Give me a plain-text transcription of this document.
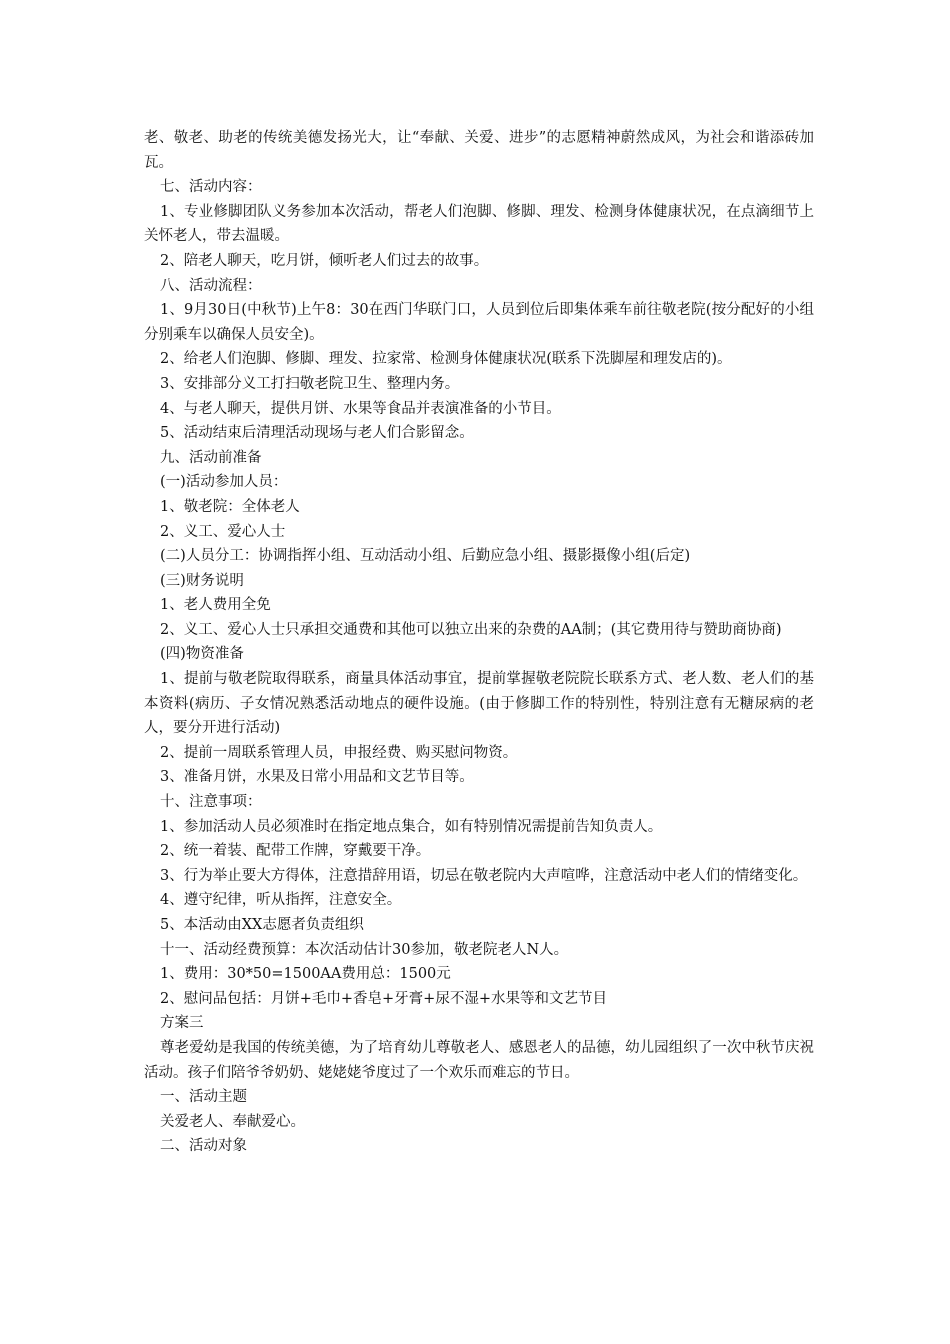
老、敬老、助老的传统美德发扬光大，让“奉献、关爱、进步”的志愿精神蔚然成风，为社会和谐添砖加瓦。

七、活动内容：

1、专业修脚团队义务参加本次活动，帮老人们泡脚、修脚、理发、检测身体健康状况，在点滴细节上关怀老人，带去温暖。

2、陪老人聊天，吃月饼，倾听老人们过去的故事。

八、活动流程：

1、9月30日(中秋节)上午8：30在西门华联门口，人员到位后即集体乘车前往敬老院(按分配好的小组分别乘车以确保人员安全)。

2、给老人们泡脚、修脚、理发、拉家常、检测身体健康状况(联系下洗脚屋和理发店的)。

3、安排部分义工打扫敬老院卫生、整理内务。

4、与老人聊天，提供月饼、水果等食品并表演准备的小节目。

5、活动结束后清理活动现场与老人们合影留念。

九、活动前准备

(一)活动参加人员：

1、敬老院：全体老人

2、义工、爱心人士

(二)人员分工：协调指挥小组、互动活动小组、后勤应急小组、摄影摄像小组(后定)

(三)财务说明

1、老人费用全免

2、义工、爱心人士只承担交通费和其他可以独立出来的杂费的AA制；(其它费用待与赞助商协商)

(四)物资准备

1、提前与敬老院取得联系，商量具体活动事宜，提前掌握敬老院院长联系方式、老人数、老人们的基本资料(病历、子女情况熟悉活动地点的硬件设施。(由于修脚工作的特别性，特别注意有无糖尿病的老人，要分开进行活动)

2、提前一周联系管理人员，申报经费、购买慰问物资。

3、准备月饼，水果及日常小用品和文艺节目等。

十、注意事项：

1、参加活动人员必须准时在指定地点集合，如有特别情况需提前告知负责人。

2、统一着装、配带工作牌，穿戴要干净。

3、行为举止要大方得体，注意措辞用语，切忌在敬老院内大声喧哗，注意活动中老人们的情绪变化。

4、遵守纪律，听从指挥，注意安全。

5、本活动由XX志愿者负责组织

十一、活动经费预算：本次活动估计30参加，敬老院老人N人。

1、费用：30*50=1500AA费用总：1500元

2、慰问品包括：月饼+毛巾+香皂+牙膏+尿不湿+水果等和文艺节目

方案三

尊老爱幼是我国的传统美德，为了培育幼儿尊敬老人、感恩老人的品德，幼儿园组织了一次中秋节庆祝活动。孩子们陪爷爷奶奶、姥姥姥爷度过了一个欢乐而难忘的节日。

一、活动主题

关爱老人、奉献爱心。

二、活动对象
